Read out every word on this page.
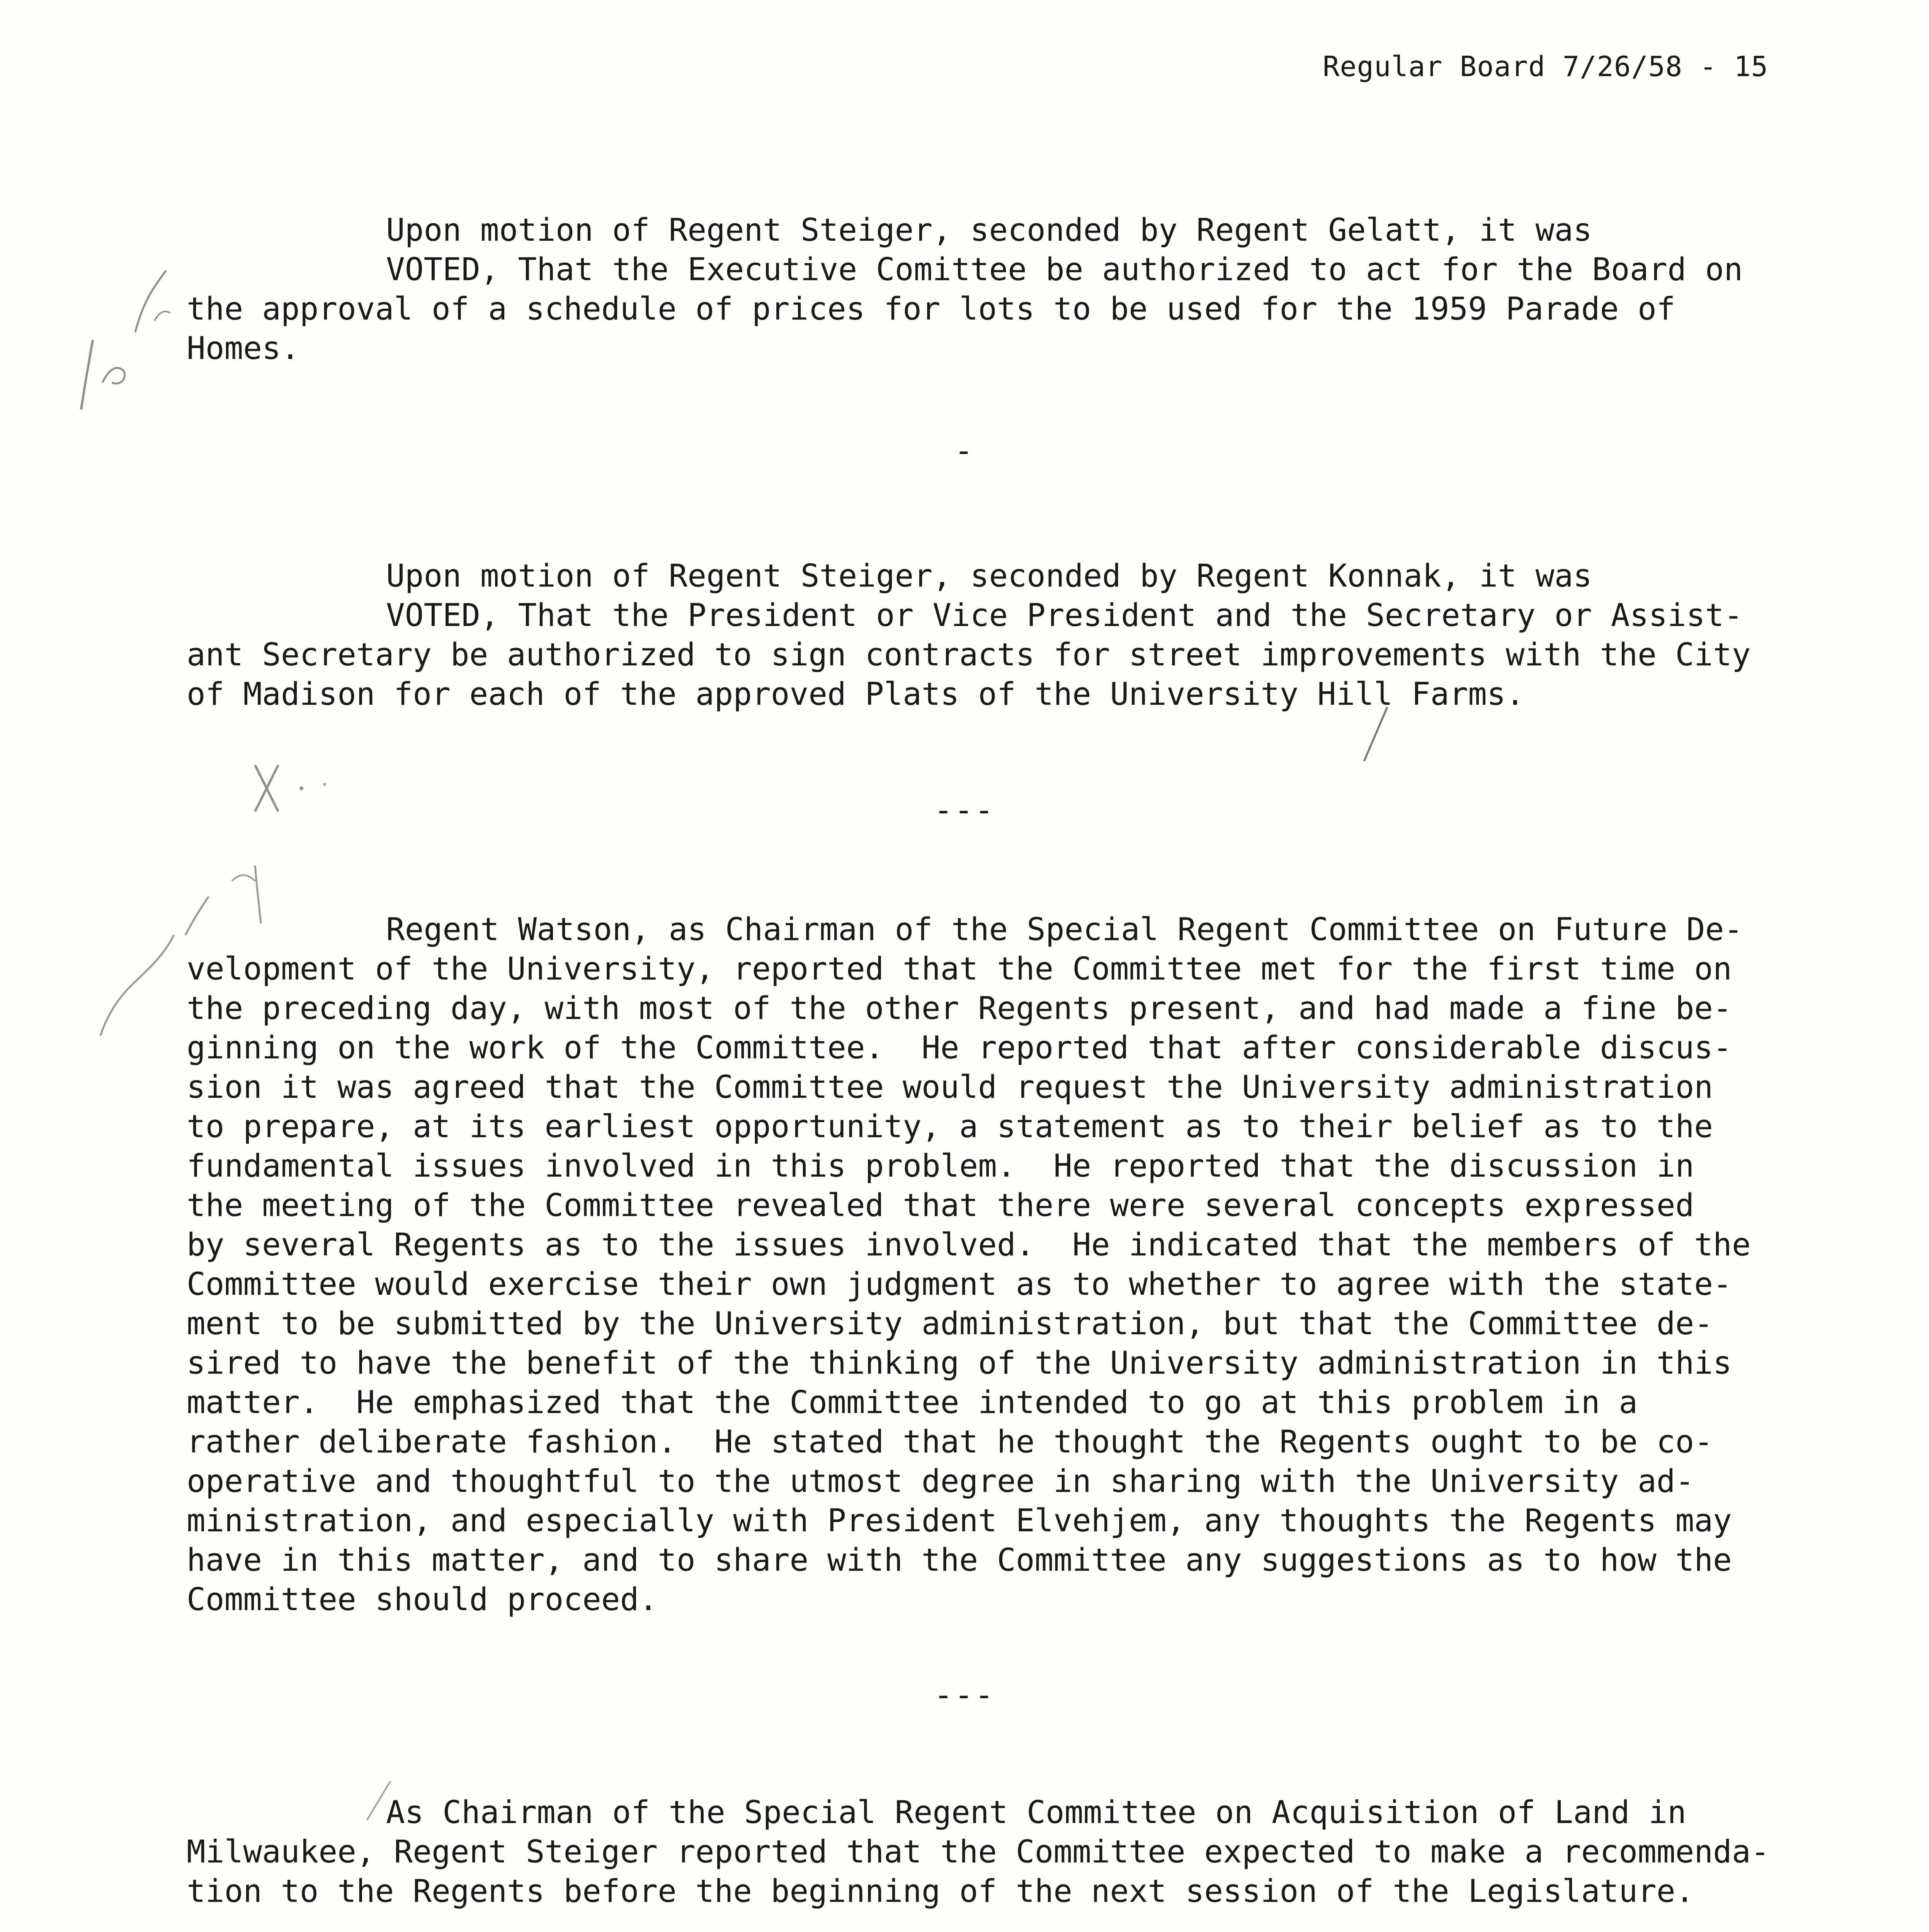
Regular Board 7/26/58 - 15
Upon motion of Regent Steiger, seconded by Regent Gelatt, it was
VOTED, That the Executive Comittee be authorized to act for the Board on
the approval of a schedule of prices for lots to be used for the 1959 Parade of
Homes.
-
Upon motion of Regent Steiger, seconded by Regent Konnak, it was
VOTED, That the President or Vice President and the Secretary or Assist-
ant Secretary be authorized to sign contracts for street improvements with the City
of Madison for each of the approved Plats of the University Hill Farms.
---
Regent Watson, as Chairman of the Special Regent Committee on Future De-
velopment of the University, reported that the Committee met for the first time on
the preceding day, with most of the other Regents present, and had made a fine be-
ginning on the work of the Committee.  He reported that after considerable discus-
sion it was agreed that the Committee would request the University administration
to prepare, at its earliest opportunity, a statement as to their belief as to the
fundamental issues involved in this problem.  He reported that the discussion in
the meeting of the Committee revealed that there were several concepts expressed
by several Regents as to the issues involved.  He indicated that the members of the
Committee would exercise their own judgment as to whether to agree with the state-
ment to be submitted by the University administration, but that the Committee de-
sired to have the benefit of the thinking of the University administration in this
matter.  He emphasized that the Committee intended to go at this problem in a
rather deliberate fashion.  He stated that he thought the Regents ought to be co-
operative and thoughtful to the utmost degree in sharing with the University ad-
ministration, and especially with President Elvehjem, any thoughts the Regents may
have in this matter, and to share with the Committee any suggestions as to how the
Committee should proceed.
---
As Chairman of the Special Regent Committee on Acquisition of Land in
Milwaukee, Regent Steiger reported that the Committee expected to make a recommenda-
tion to the Regents before the beginning of the next session of the Legislature.
